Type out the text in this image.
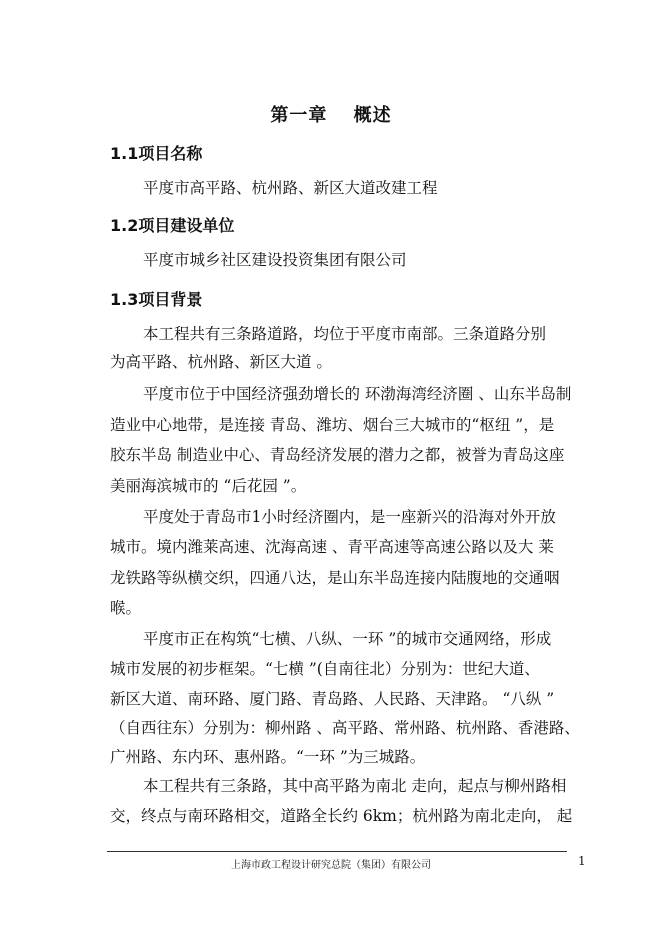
第一章　 概述
1.1项目名称
平度市高平路、杭州路、新区大道改建工程
1.2项目建设单位
平度市城乡社区建设投资集团有限公司
1.3项目背景
本工程共有三条路道路，均位于平度市南部。三条道路分别
为高平路、杭州路、新区大道 。
平度市位于中国经济强劲增长的 环渤海湾经济圈 、山东半岛制
造业中心地带，是连接 青岛、潍坊、烟台三大城市的“枢纽 ”，是
胶东半岛 制造业中心、青岛经济发展的潜力之都，被誉为青岛这座
美丽海滨城市的 “后花园 ”。
平度处于青岛市1小时经济圈内，是一座新兴的沿海对外开放
城市。境内潍莱高速、沈海高速 、青平高速等高速公路以及大 莱
龙铁路等纵横交织，四通八达，是山东半岛连接内陆腹地的交通咽
喉。
平度市正在构筑“七横、八纵、一环 ”的城市交通网络，形成
城市发展的初步框架。“七横 ”(自南往北）分别为：世纪大道、
新区大道、南环路、厦门路、青岛路、人民路、天津路。 “八纵 ”
（自西往东）分别为：柳州路 、高平路、常州路、杭州路、香港路、
广州路、东内环、惠州路。“一环 ”为三城路。
本工程共有三条路，其中高平路为南北 走向，起点与柳州路相
交，终点与南环路相交，道路全长约 6km；杭州路为南北走向， 起
上海市政工程设计研究总院（集团）有限公司	1
